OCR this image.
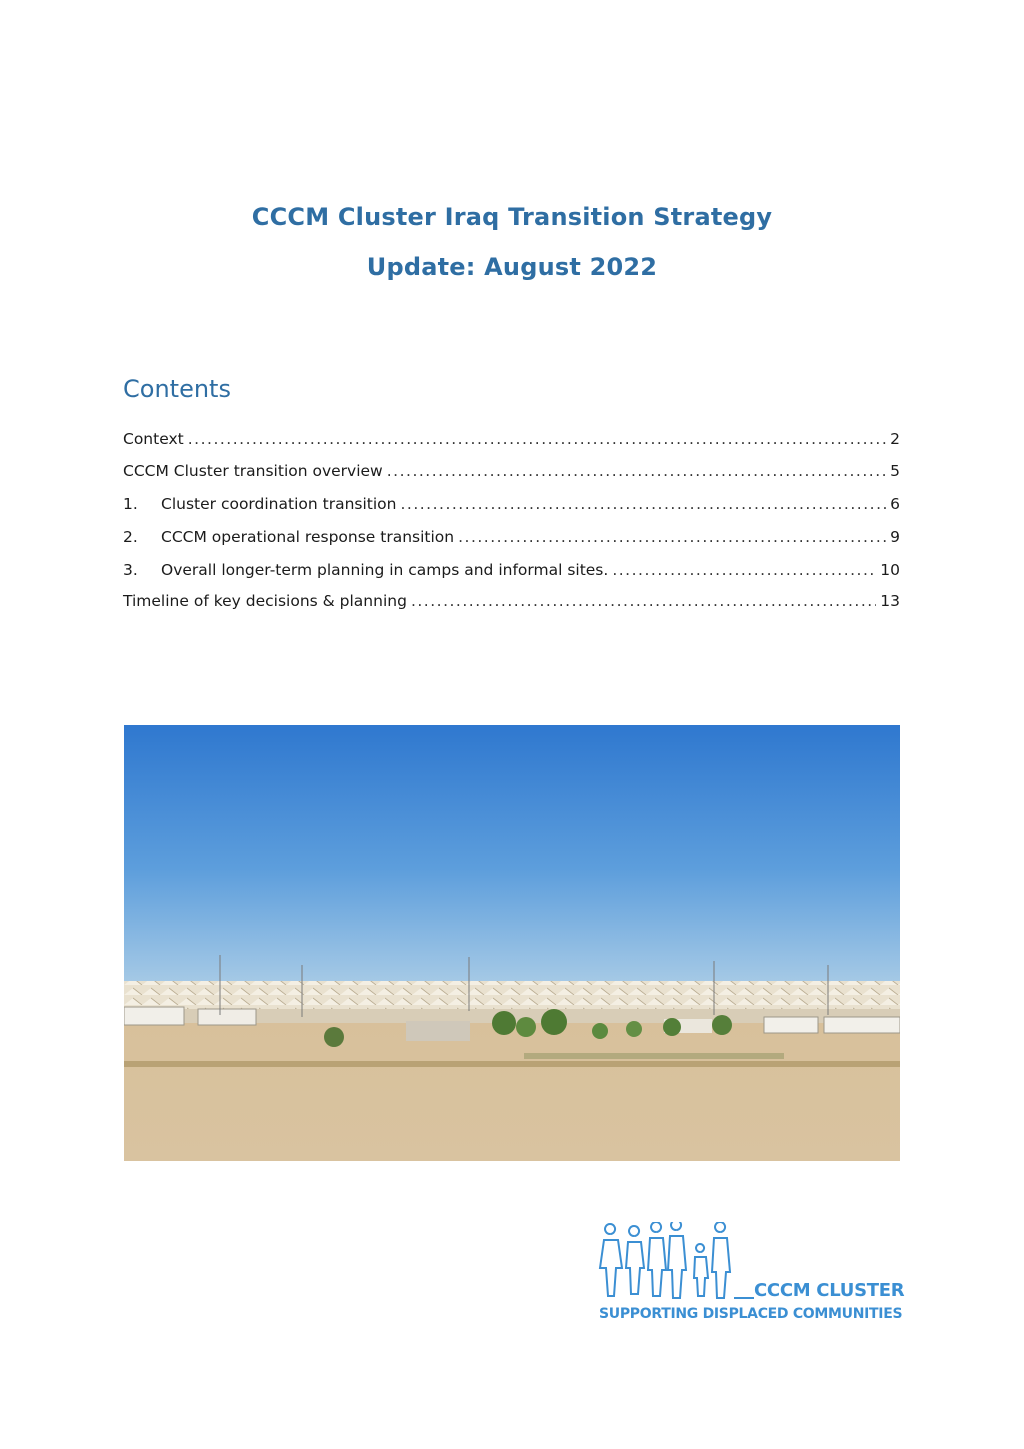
CCCM Cluster Iraq Transition Strategy
Update: August 2022
Contents
Context .....	2
CCCM Cluster transition overview .....	5
1.	Cluster coordination transition .....	6
2.	CCCM operational response transition .....	9
3.	Overall longer-term planning in camps and informal sites. .....	10
Timeline of key decisions & planning .....	13
CCCM CLUSTER
SUPPORTING DISPLACED COMMUNITIES
